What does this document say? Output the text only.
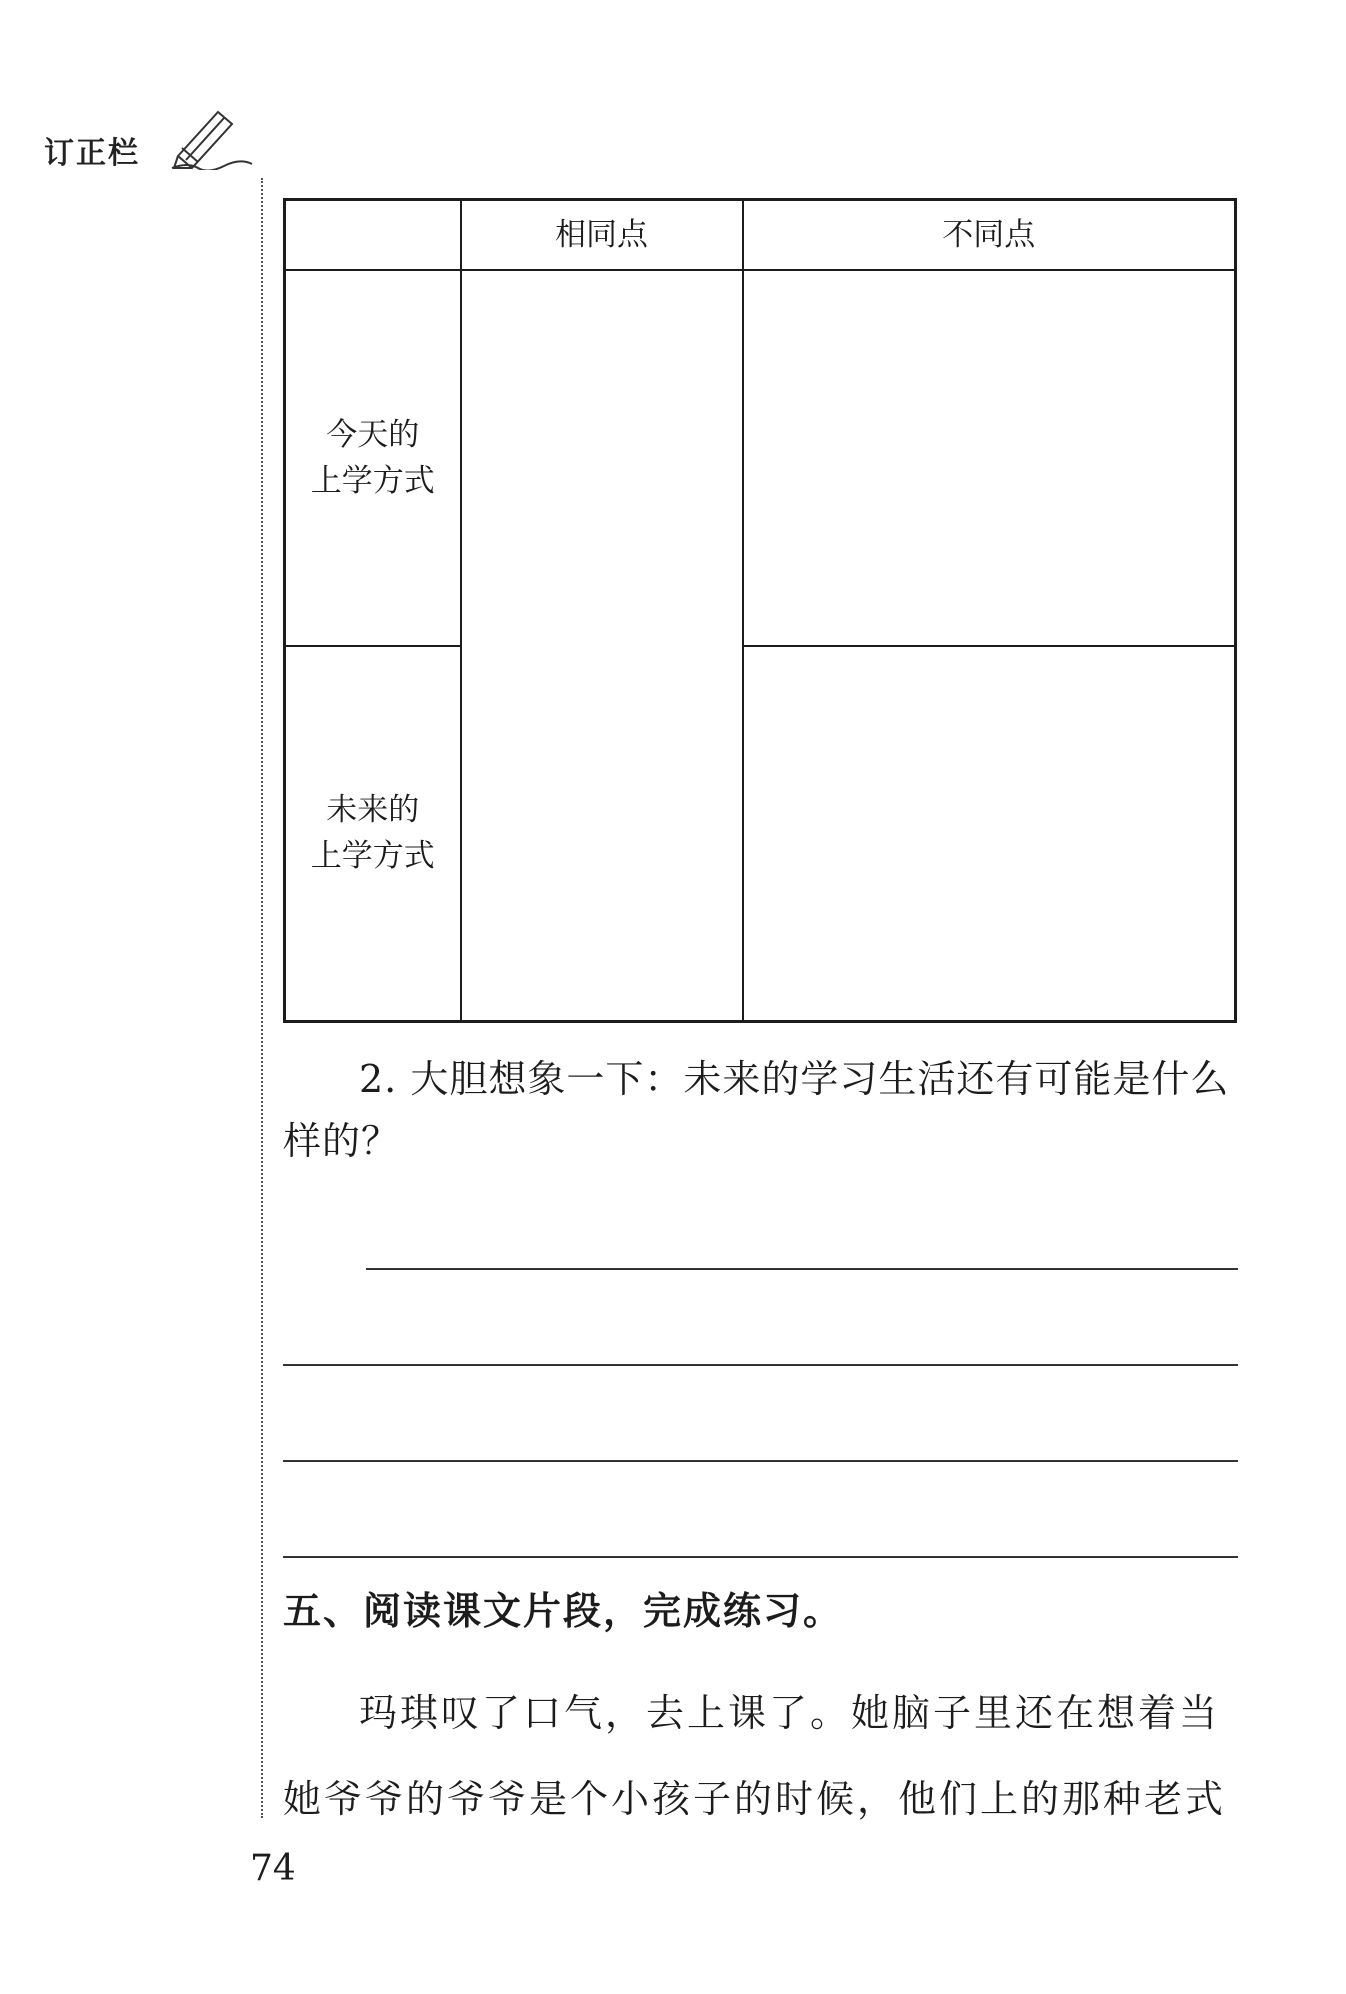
订正栏
	相同点	不同点

今天的
上学方式		

未来的
上学方式		

2. 大胆想象一下：未来的学习生活还有可能是什么样的？
五、阅读课文片段，完成练习。
玛琪叹了口气，去上课了。她脑子里还在想着当她爷爷的爷爷是个小孩子的时候，他们上的那种老式
74
